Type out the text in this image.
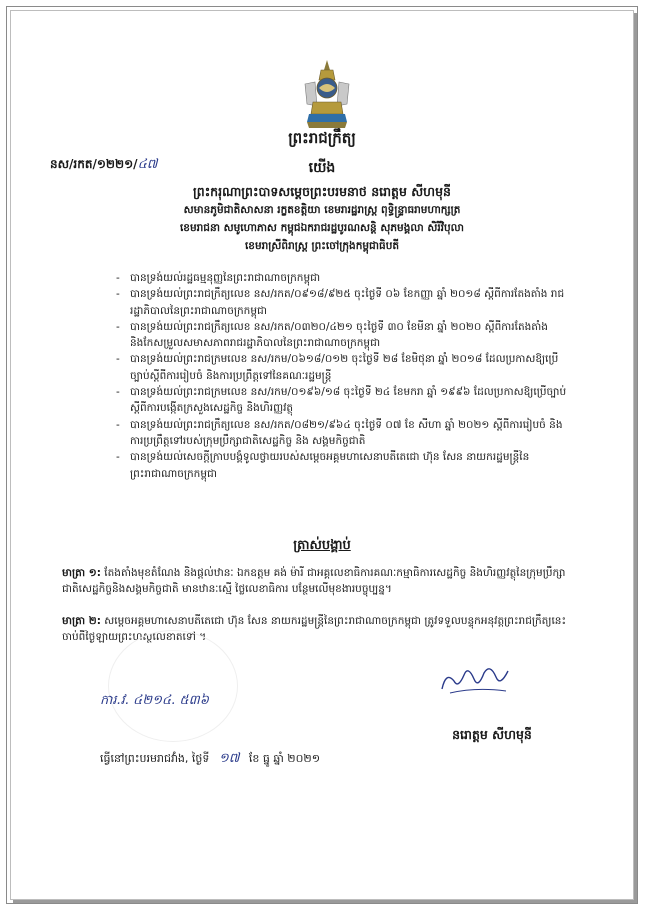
ព្រះរាជក្រឹត្យ
នស/រកត/១២២១/៤៧	យើង
ព្រះករុណាព្រះបាទសម្ដេចព្រះបរមនាថ នរោត្ដម សីហមុនី
សមានភូមិជាតិសាសនា រក្ខតខត្តិយា ខេមរារដ្ឋរាស្ត្រ ពុទ្ធិន្ទ្រាធរាមហាក្សត្រ
ខេមរាជនា សមូហោភាស កម្ពុជឯករាជរដ្ឋបូរណសន្តិ សុភមង្គលា សិរីវិបុលា
ខេមរាស្រីពិរាស្ត្រ ព្រះចៅក្រុងកម្ពុជាធិបតី
- បានទ្រង់យល់រដ្ឋធម្មនុញ្ញនៃព្រះរាជាណាចក្រកម្ពុជា
- បានទ្រង់យល់ព្រះរាជក្រឹត្យលេខ នស/រកត/០៩១៨/៩២៥ ចុះថ្ងៃទី ០៦ ខែកញ្ញា ឆ្នាំ ២០១៨ ស្តីពីការតែងតាំង រាជរដ្ឋាភិបាលនៃព្រះរាជាណាចក្រកម្ពុជា
- បានទ្រង់យល់ព្រះរាជក្រឹត្យលេខ នស/រកត/០៣២០/៤២១ ចុះថ្ងៃទី ៣០ ខែមីនា ឆ្នាំ ២០២០ ស្តីពីការតែងតាំង និងកែសម្រួលសមាសភាពរាជរដ្ឋាភិបាលនៃព្រះរាជាណាចក្រកម្ពុជា
- បានទ្រង់យល់ព្រះរាជក្រមលេខ នស/រកម/០៦១៨/០១២ ចុះថ្ងៃទី ២៨ ខែមិថុនា ឆ្នាំ ២០១៨ ដែលប្រកាសឱ្យប្រើច្បាប់ស្តីពីការរៀបចំ និងការប្រព្រឹត្តទៅនៃគណៈរដ្ឋមន្ត្រី
- បានទ្រង់យល់ព្រះរាជក្រមលេខ នស/រកម/០១៩៦/១៨ ចុះថ្ងៃទី ២៤ ខែមករា ឆ្នាំ ១៩៩៦ ដែលប្រកាសឱ្យប្រើច្បាប់ស្តីពីការបង្កើតក្រសួងសេដ្ឋកិច្ច និងហិរញ្ញវត្ថុ
- បានទ្រង់យល់ព្រះរាជក្រឹត្យលេខ នស/រកត/០៨២១/៩៦៤ ចុះថ្ងៃទី ០៧ ខែ សីហា ឆ្នាំ ២០២១ ស្តីពីការរៀបចំ និងការប្រព្រឹត្តទៅរបស់ក្រុមប្រឹក្សាជាតិសេដ្ឋកិច្ច និង សង្គមកិច្ចជាតិ
- បានទ្រង់យល់សេចក្តីក្រាបបង្គំទូលថ្វាយរបស់សម្តេចអគ្គមហាសេនាបតីតេជោ ហ៊ុន សែន នាយករដ្ឋមន្ត្រីនៃព្រះរាជាណាចក្រកម្ពុជា
ត្រាស់បង្គាប់
មាត្រា ១: តែងតាំងមុខតំណែង និងផ្តល់ឋានៈ ឯកឧត្តម គង់ ម៉ារី ជាអគ្គលេខាធិការគណៈកម្មាធិការសេដ្ឋកិច្ច និងហិរញ្ញវត្ថុនៃក្រុមប្រឹក្សាជាតិសេដ្ឋកិច្ចនិងសង្គមកិច្ចជាតិ មានឋានៈស្មើ ថ្លៃលេខាធិការ បន្ថែមលើមុខងារបច្ចុប្បន្ន។
មាត្រា ២: សម្តេចអគ្គមហាសេនាបតីតេជោ ហ៊ុន សែន នាយករដ្ឋមន្ត្រីនៃព្រះរាជាណាចក្រកម្ពុជា ត្រូវទទួលបន្ទុកអនុវត្តព្រះរាជក្រឹត្យនេះ ចាប់ពីថ្ងៃឡាយព្រះហស្ថលេខាតទៅ ។
ការ.វ. ៤២១៤. ៥៣៦
នរោត្តម សីហមុនី
ធ្វើនៅព្រះបរមរាជវាំង, ថ្ងៃទី ១៧ ខែ ធ្នូ ឆ្នាំ ២០២១
